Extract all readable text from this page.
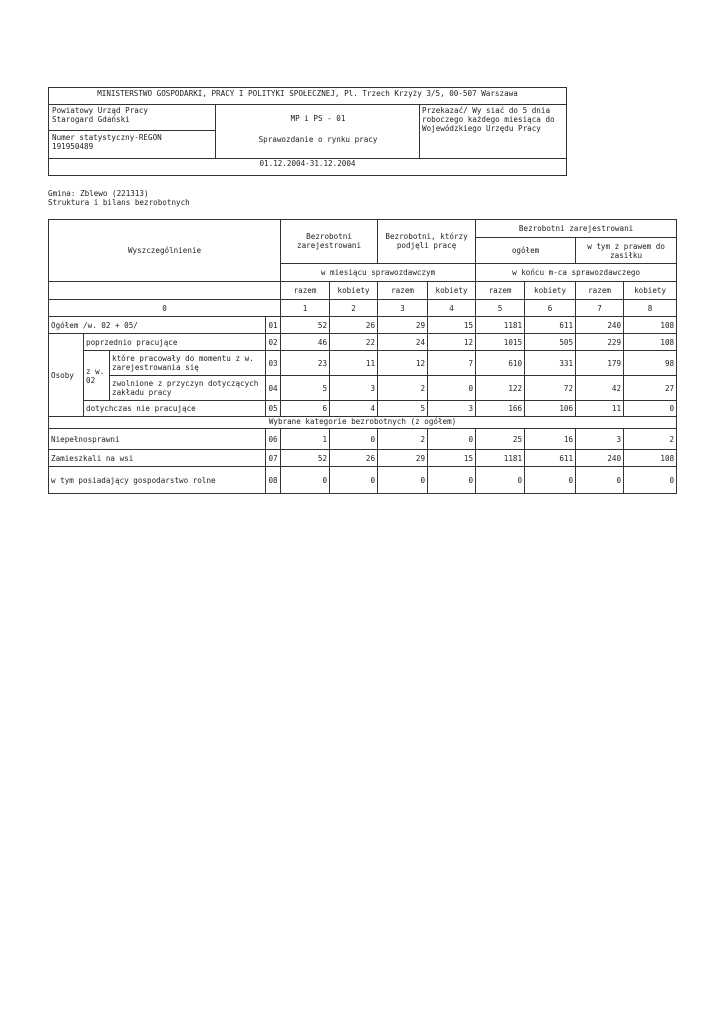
MINISTERSTWO GOSPODARKI, PRACY I POLITYKI SPOŁECZNEJ, Pl. Trzech Krzyży 3/5, 00-507 Warszawa
Powiatowy Urząd Pracy
Starogard Gdański
Numer statystyczny-REGON
191950489
MP i PS - 01
Sprawozdanie o rynku pracy
Przekazać/ Wy siać do 5 dnia
roboczego każdego miesiąca do
Wojewódzkiego Urzędu Pracy
01.12.2004-31.12.2004
Gmina: Zblewo (221313)
Struktura i bilans bezrobotnych
Wyszczególnienie				Bezrobotni zarejestrowani		Bezrobotni, którzy podjęli pracę		Bezrobotni zarejestrowani			
								ogółem		w tym z prawem do zasiłku	
				w miesiącu sprawozdawczym				w końcu m-ca sprawozdawczego			
				razem	kobiety	razem	kobiety	razem	kobiety	razem	kobiety
0				1	2	3	4	5	6	7	8
Ogółem /w. 02 + 05/			01	52	26	29	15	1181	611	240	108
Osoby	poprzednio pracujące		02	46	22	24	12	1015	505	229	108
	z w. 02	które pracowały do momentu z w. zarejestrowania się	03	23	11	12	7	610	331	179	98
		zwolnione z przyczyn dotyczących zakładu pracy	04	5	3	2	0	122	72	42	27
	dotychczas nie pracujące		05	6	4	5	3	166	106	11	0
Wybrane kategorie bezrobotnych (z ogółem)											
Niepełnosprawni			06	1	0	2	0	25	16	3	2
Zamieszkali na wsi			07	52	26	29	15	1181	611	240	108
w tym posiadający gospodarstwo rolne			08	0	0	0	0	0	0	0	0
